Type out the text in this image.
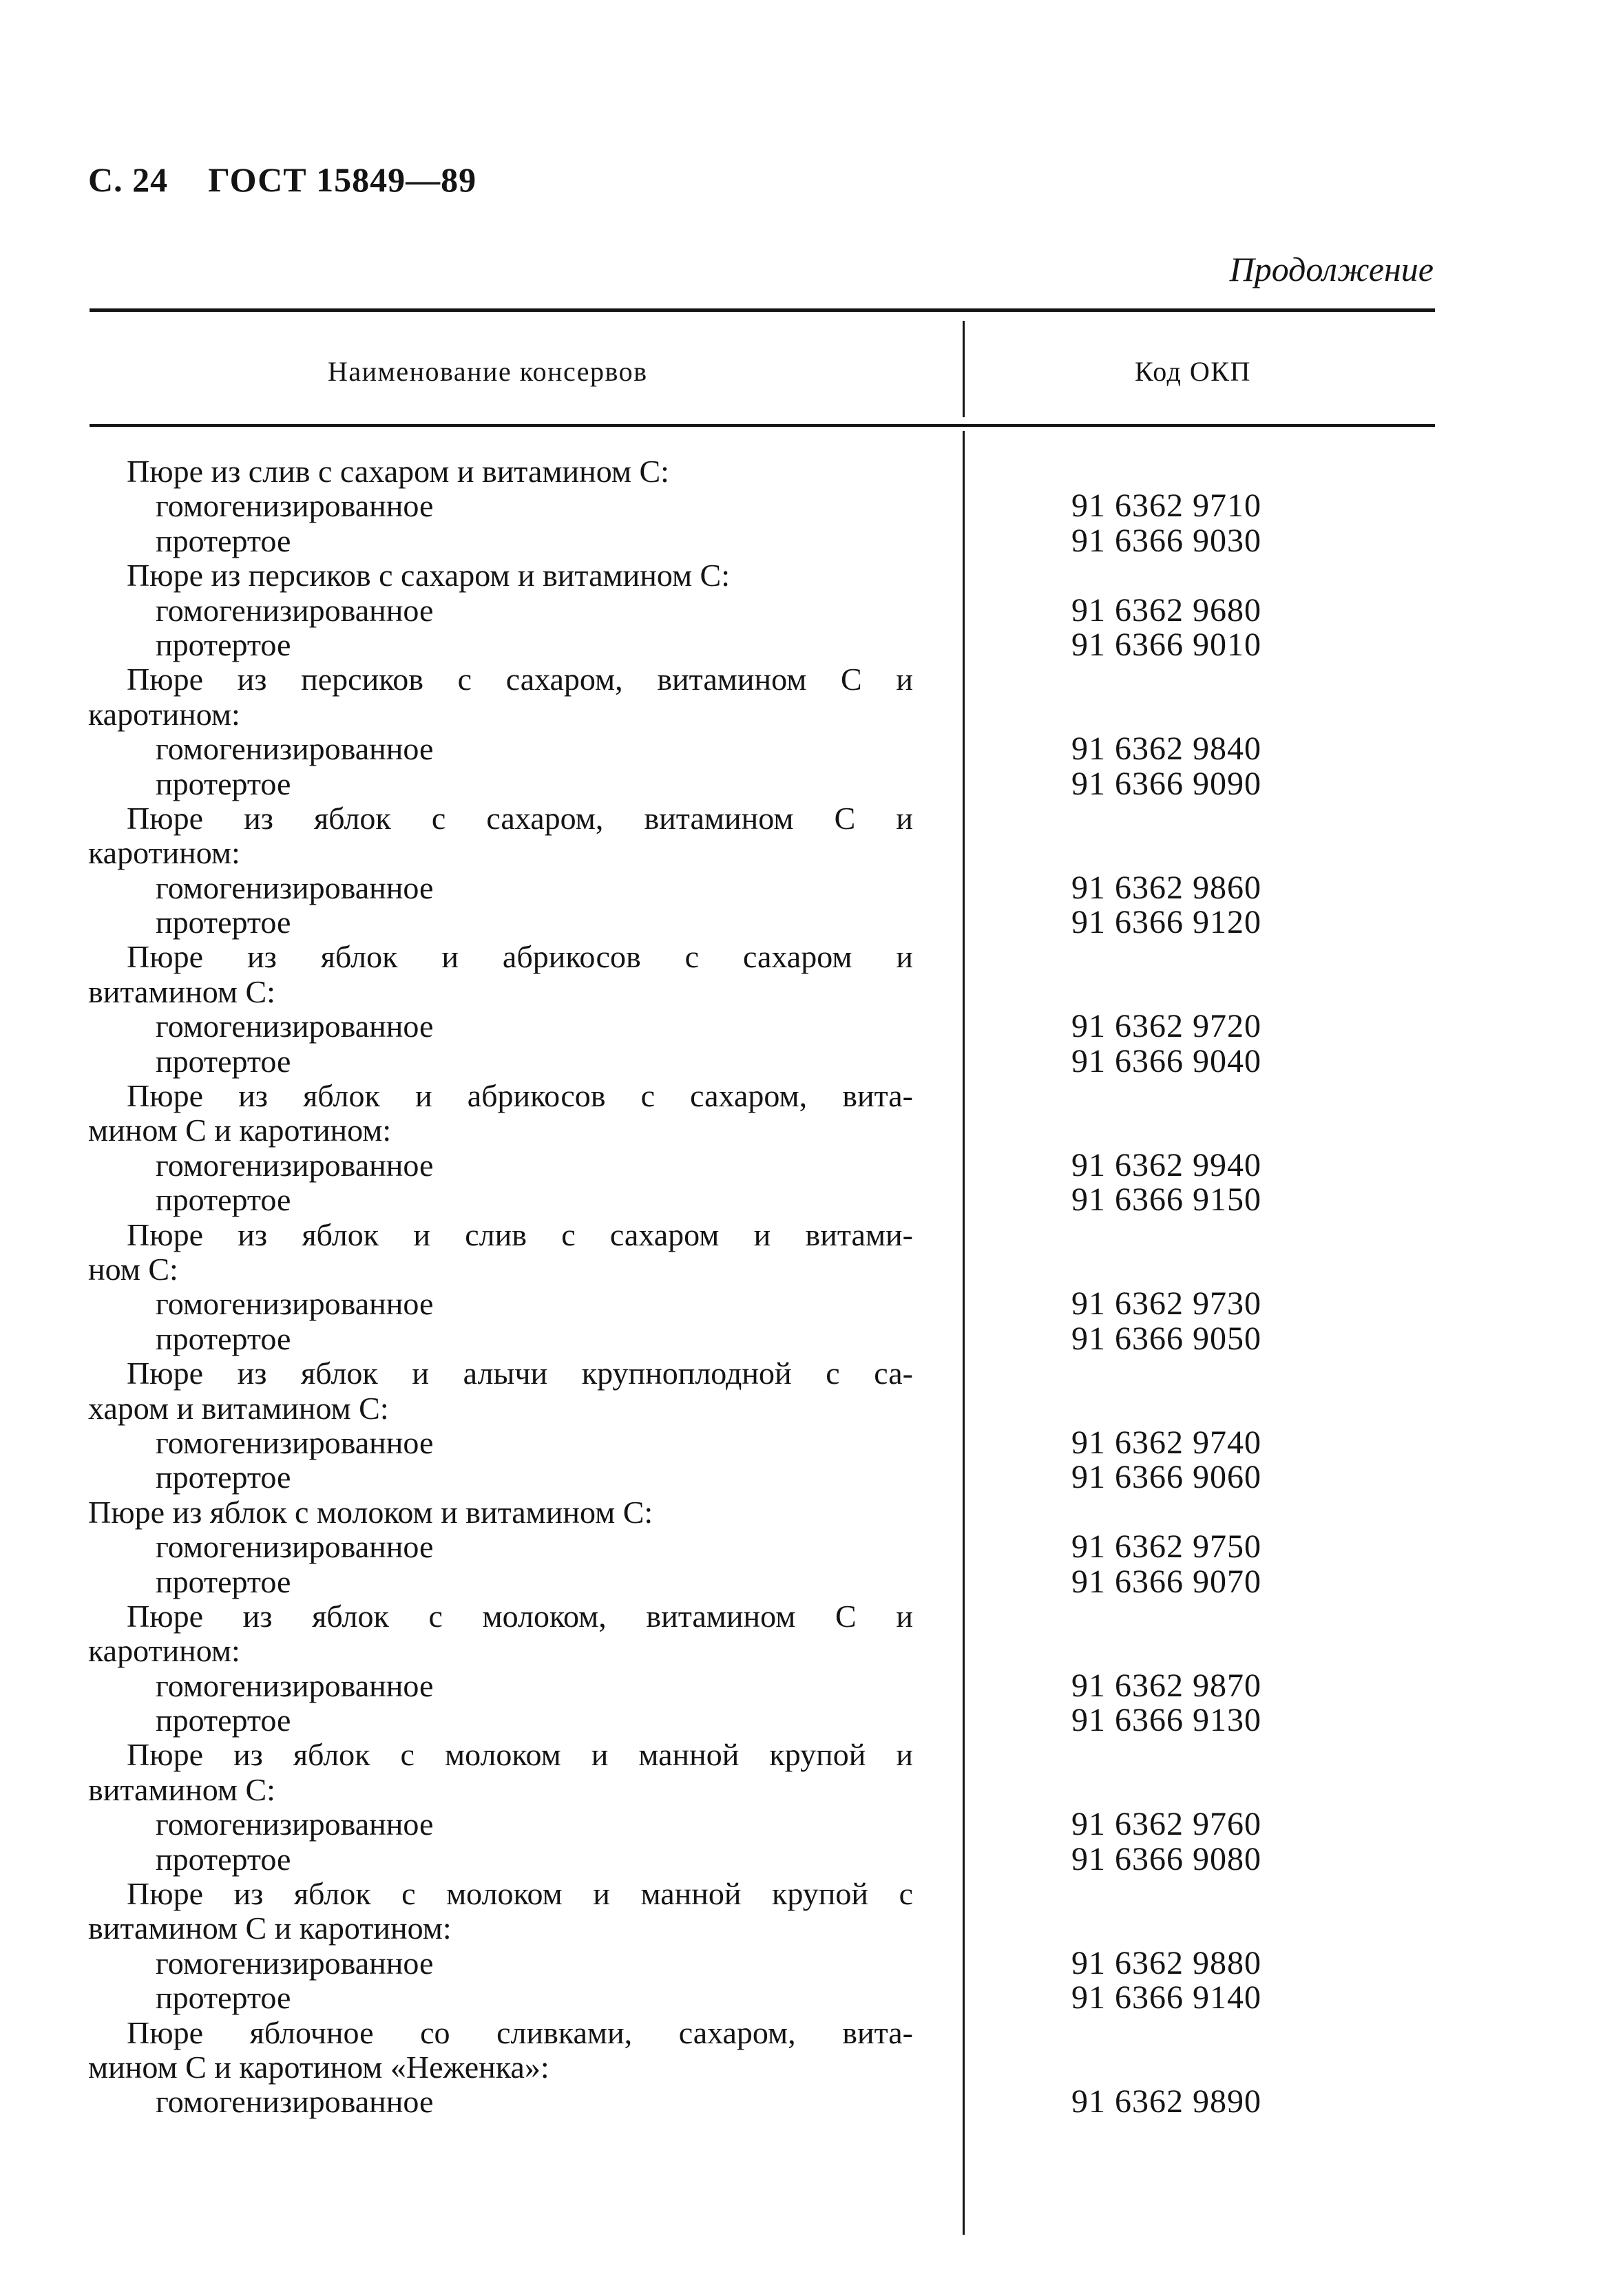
С. 24 ГОСТ 15849—89
Продолжение
Наименование консервов	Код ОКП
Пюре из слив с сахаром и витамином С:
гомогенизированное	91 6362 9710
протертое	91 6366 9030
Пюре из персиков с сахаром и витамином С:
гомогенизированное	91 6362 9680
протертое	91 6366 9010
Пюре из персиков с сахаром, витамином С и
каротином:
гомогенизированное	91 6362 9840
протертое	91 6366 9090
Пюре из яблок с сахаром, витамином С и
каротином:
гомогенизированное	91 6362 9860
протертое	91 6366 9120
Пюре из яблок и абрикосов с сахаром и
витамином С:
гомогенизированное	91 6362 9720
протертое	91 6366 9040
Пюре из яблок и абрикосов с сахаром, вита-
мином С и каротином:
гомогенизированное	91 6362 9940
протертое	91 6366 9150
Пюре из яблок и слив с сахаром и витами-
ном С:
гомогенизированное	91 6362 9730
протертое	91 6366 9050
Пюре из яблок и алычи крупноплодной с са-
харом и витамином С:
гомогенизированное	91 6362 9740
протертое	91 6366 9060
Пюре из яблок с молоком и витамином С:
гомогенизированное	91 6362 9750
протертое	91 6366 9070
Пюре из яблок с молоком, витамином С и
каротином:
гомогенизированное	91 6362 9870
протертое	91 6366 9130
Пюре из яблок с молоком и манной крупой и
витамином С:
гомогенизированное	91 6362 9760
протертое	91 6366 9080
Пюре из яблок с молоком и манной крупой с
витамином С и каротином:
гомогенизированное	91 6362 9880
протертое	91 6366 9140
Пюре яблочное со сливками, сахаром, вита-
мином С и каротином «Неженка»:
гомогенизированное	91 6362 9890
